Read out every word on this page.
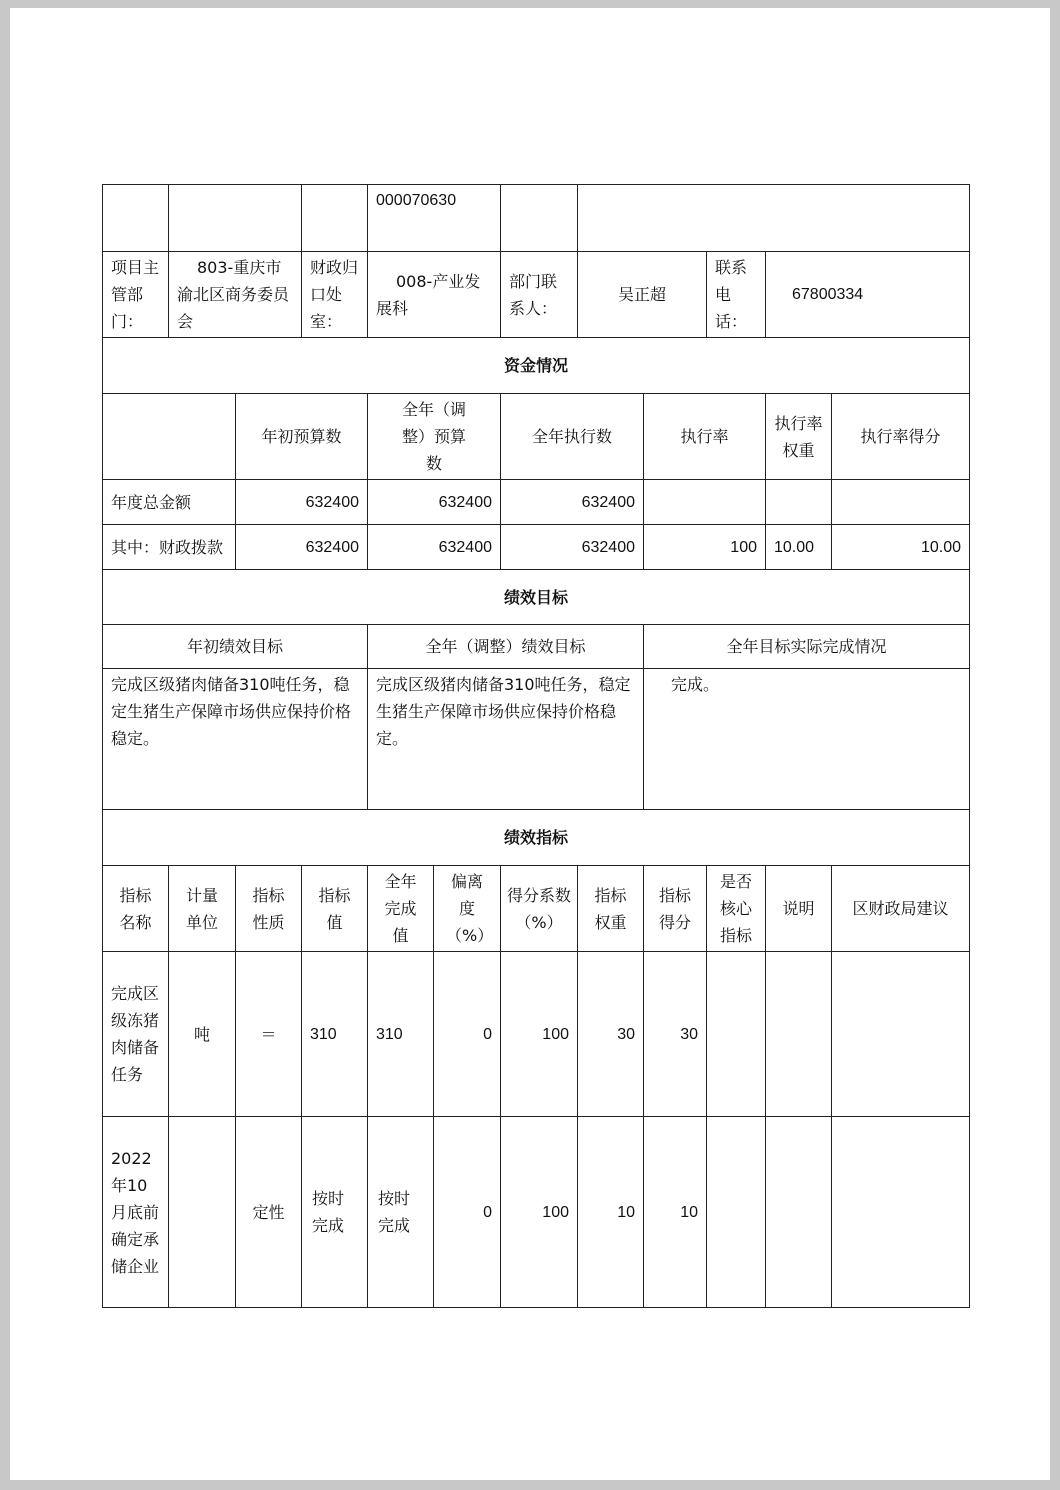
				000070630							
项目主管部门：	803-重庆市渝北区商务委员会		财政归口处室：	008-产业发展科		部门联系人：	吴正超		联系电话：	67800334	
资金情况											
		年初预算数		全年（调整）预算数		全年执行数		执行率		执行率权重	执行率得分
年度总金额		632400		632400		632400					
其中：财政拨款		632400		632400		632400		100		10.00	10.00
绩效目标											
年初绩效目标				全年（调整）绩效目标				全年目标实际完成情况			
完成区级猪肉储备310吨任务，稳定生猪生产保障市场供应保持价格稳定。				完成区级猪肉储备310吨任务，稳定生猪生产保障市场供应保持价格稳定。				完成。			
绩效指标											
指标名称	计量单位	指标性质	指标值	全年完成值	偏离度（%）	得分系数（%）	指标权重	指标得分	是否核心指标	说明	区财政局建议
完成区级冻猪肉储备任务	吨	＝	310	310	0	100	30	30			
2022年10月底前确定承储企业		定性	按时完成	按时完成	0	100	10	10			
